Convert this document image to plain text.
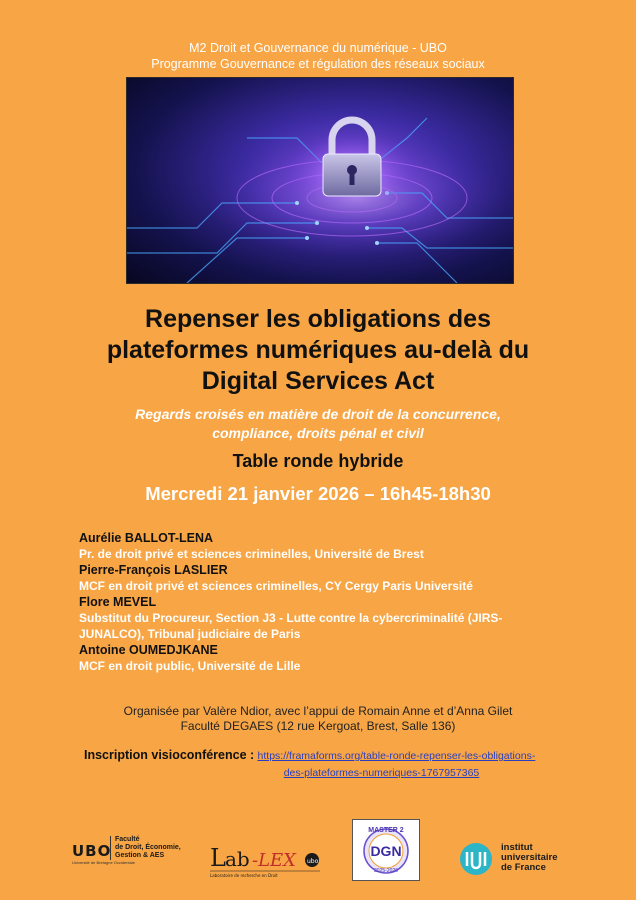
M2 Droit et Gouvernance du numérique - UBO
Programme Gouvernance et régulation des réseaux sociaux
Repenser les obligations des
plateformes numériques au-delà du
Digital Services Act
Regards croisés en matière de droit de la concurrence,
compliance, droits pénal et civil
Table ronde hybride
Mercredi 21 janvier 2026 – 16h45-18h30
Aurélie BALLOT-LENA
Pr. de droit privé et sciences criminelles, Université de Brest
Pierre-François LASLIER
MCF en droit privé et sciences criminelles, CY Cergy Paris Université
Flore MEVEL
Substitut du Procureur, Section J3 - Lutte contre la cybercriminalité (JIRS-
JUNALCO), Tribunal judiciaire de Paris
Antoine OUMEDJKANE
MCF en droit public, Université de Lille
Organisée par Valère Ndior, avec l’appui de Romain Anne et d’Anna Gilet
Faculté DEGAES (12 rue Kergoat, Brest, Salle 136)
Inscription visioconférence : https://framaforms.org/table-ronde-repenser-les-obligations-
des-plateformes-numeriques-1767957365
UBO
Université de Bretagne Occidentale
Faculté
de Droit, Économie,
Gestion & AES	L ab -LEX ubo
Laboratoire de recherche en Droit
MASTER 2
DGN
2025-2026
institut
universitaire
de France
